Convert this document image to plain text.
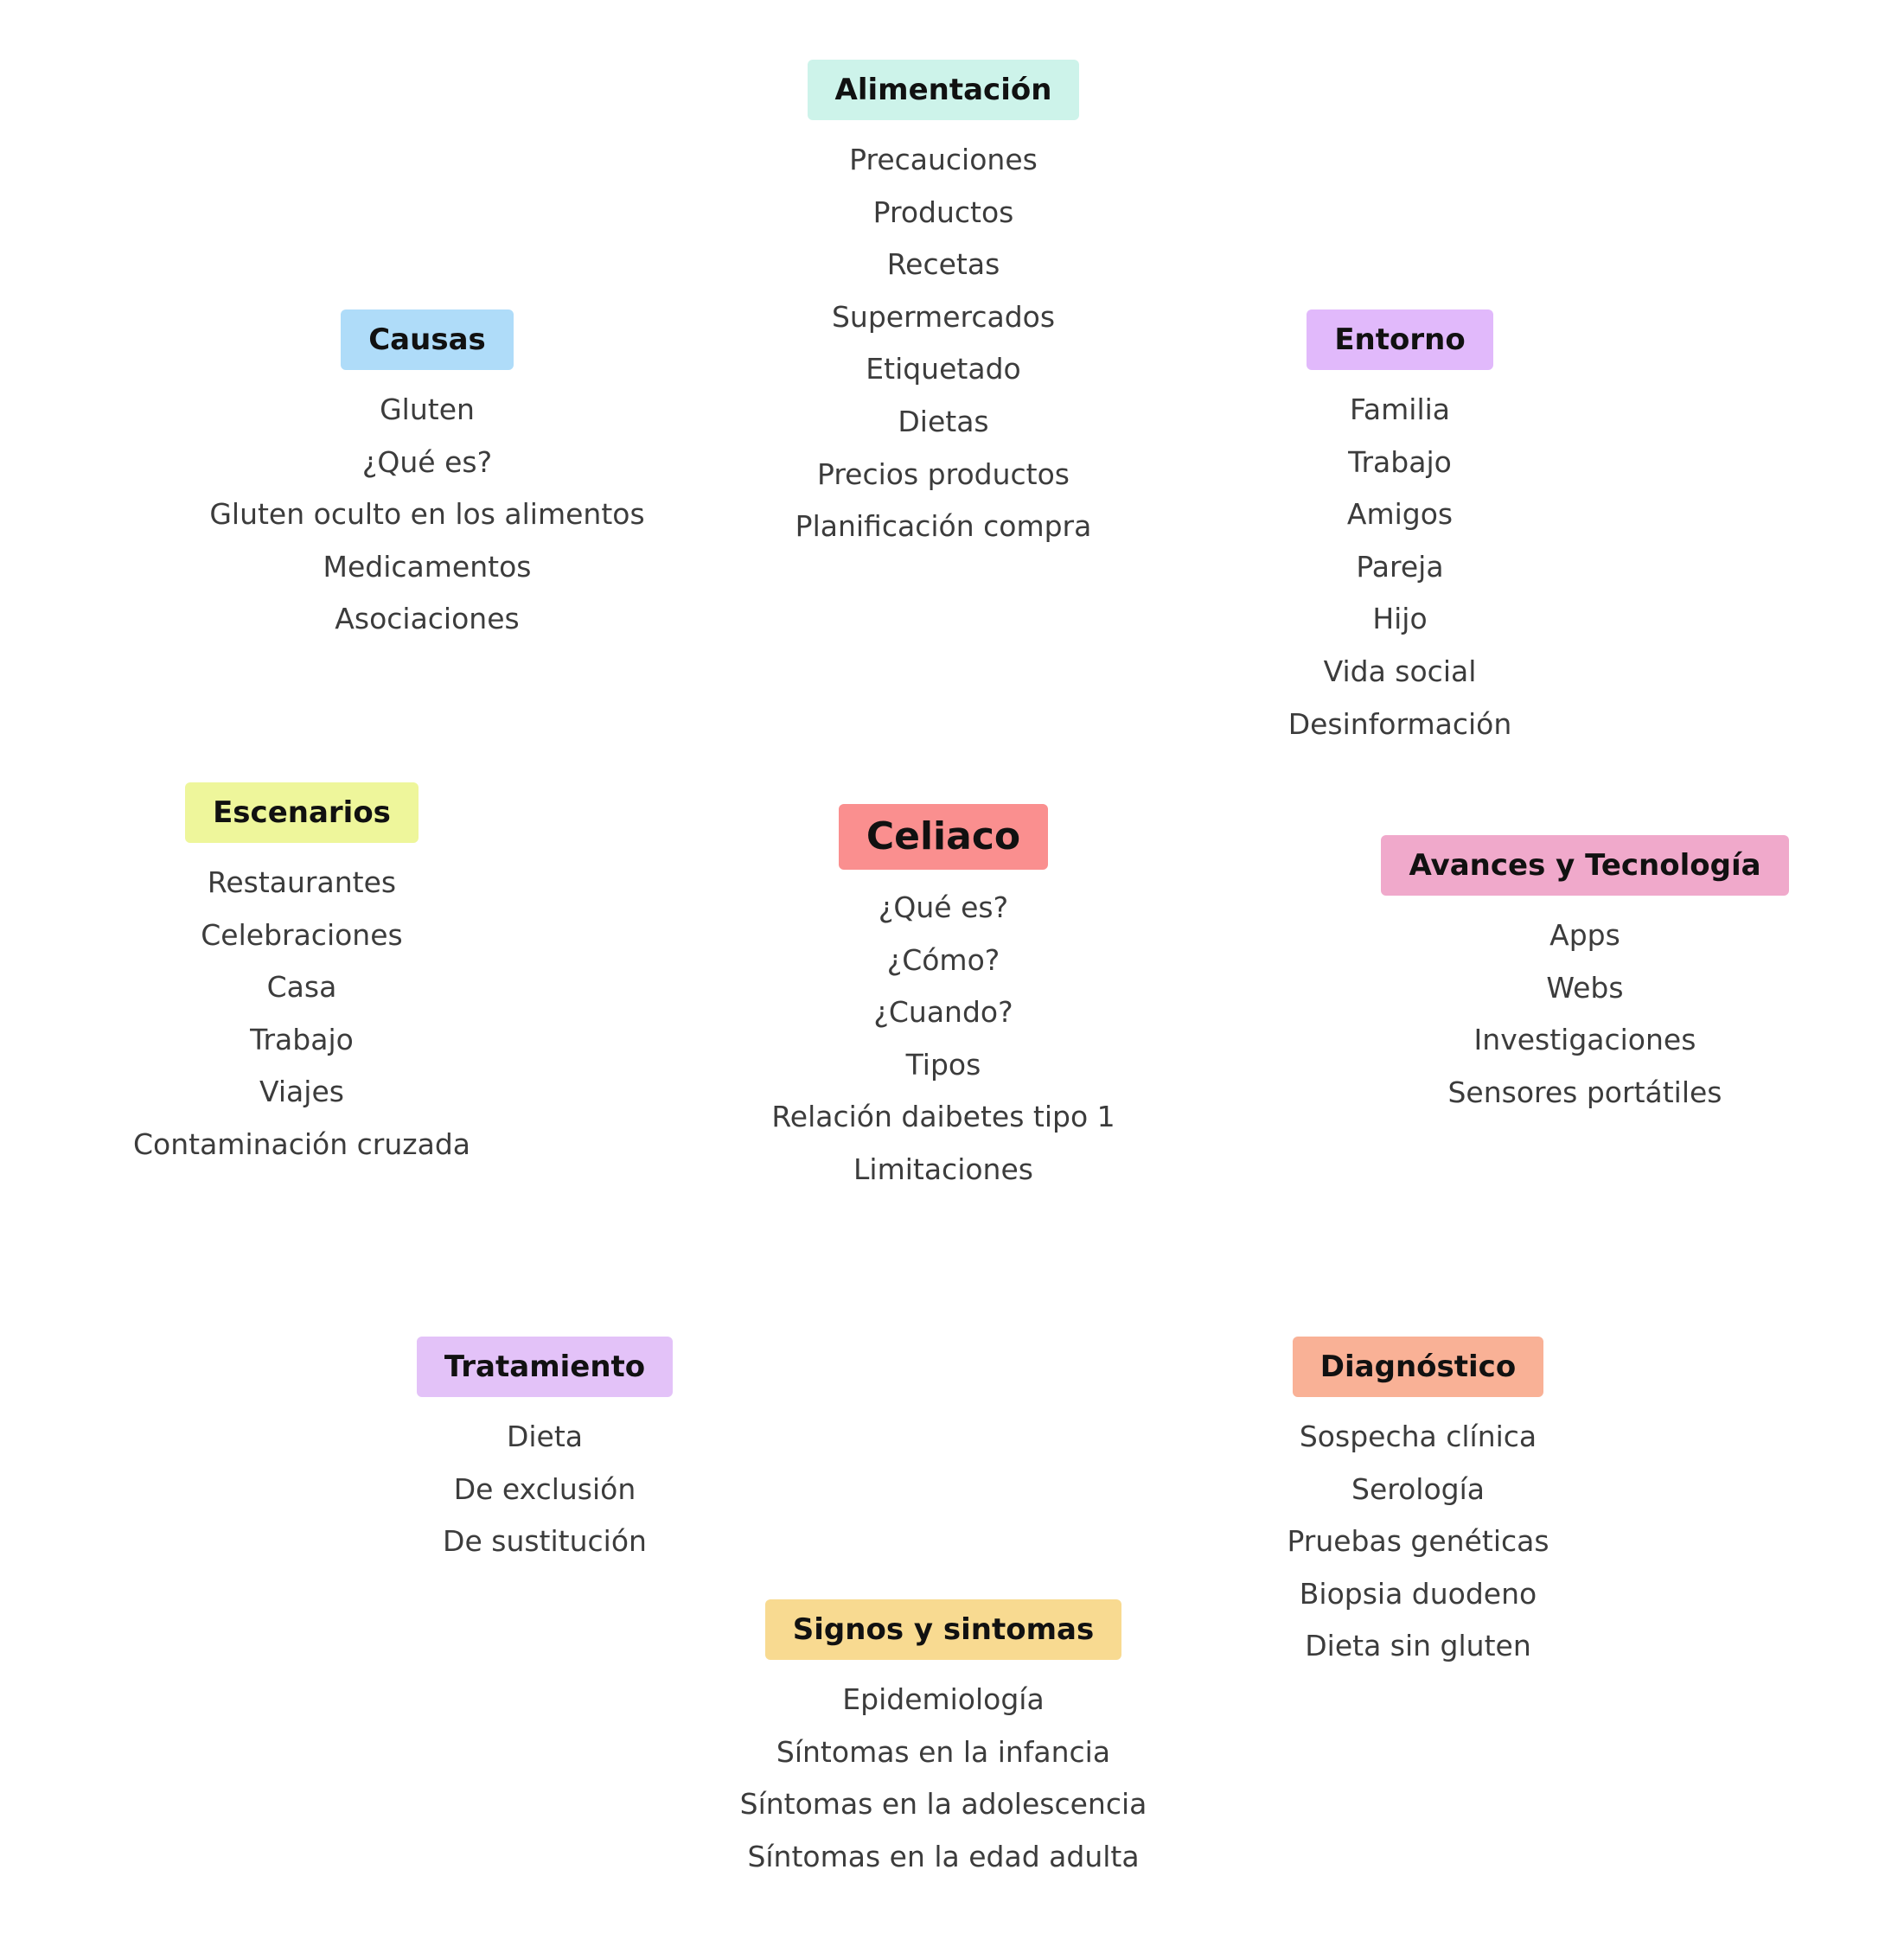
Celiaco
¿Qué es?
¿Cómo?
¿Cuando?
Tipos
Relación daibetes tipo 1
Limitaciones
Alimentación
Precauciones
Productos
Recetas
Supermercados
Etiquetado
Dietas
Precios productos
Planificación compra
Causas
Gluten
¿Qué es?
Gluten oculto en los alimentos
Medicamentos
Asociaciones
Entorno
Familia
Trabajo
Amigos
Pareja
Hijo
Vida social
Desinformación
Escenarios
Restaurantes
Celebraciones
Casa
Trabajo
Viajes
Contaminación cruzada
Avances y Tecnología
Apps
Webs
Investigaciones
Sensores portátiles
Tratamiento
Dieta
De exclusión
De sustitución
Diagnóstico
Sospecha clínica
Serología
Pruebas genéticas
Biopsia duodeno
Dieta sin gluten
Signos y sintomas
Epidemiología
Síntomas en la infancia
Síntomas en la adolescencia
Síntomas en la edad adulta
